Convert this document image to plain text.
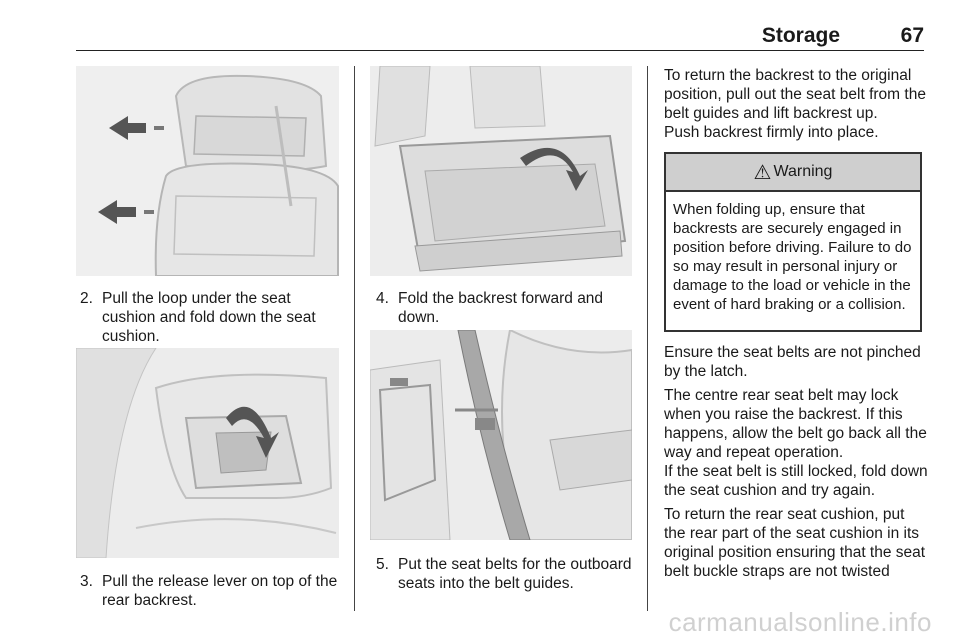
Storage	67
2. Pull the loop under the seat cushion and fold down the seat cushion.
3. Pull the release lever on top of the rear backrest.
4. Fold the backrest forward and down.
5. Put the seat belts for the outboard seats into the belt guides.
To return the backrest to the original position, pull out the seat belt from the belt guides and lift backrest up.
Push backrest firmly into place.
⚠ Warning
When folding up, ensure that backrests are securely engaged in position before driving. Failure to do so may result in personal injury or damage to the load or vehicle in the event of hard braking or a collision.
Ensure the seat belts are not pinched by the latch.
The centre rear seat belt may lock when you raise the backrest. If this happens, allow the belt go back all the way and repeat operation.
If the seat belt is still locked, fold down the seat cushion and try again.
To return the rear seat cushion, put the rear part of the seat cushion in its original position ensuring that the seat belt buckle straps are not twisted
carmanualsonline.info
